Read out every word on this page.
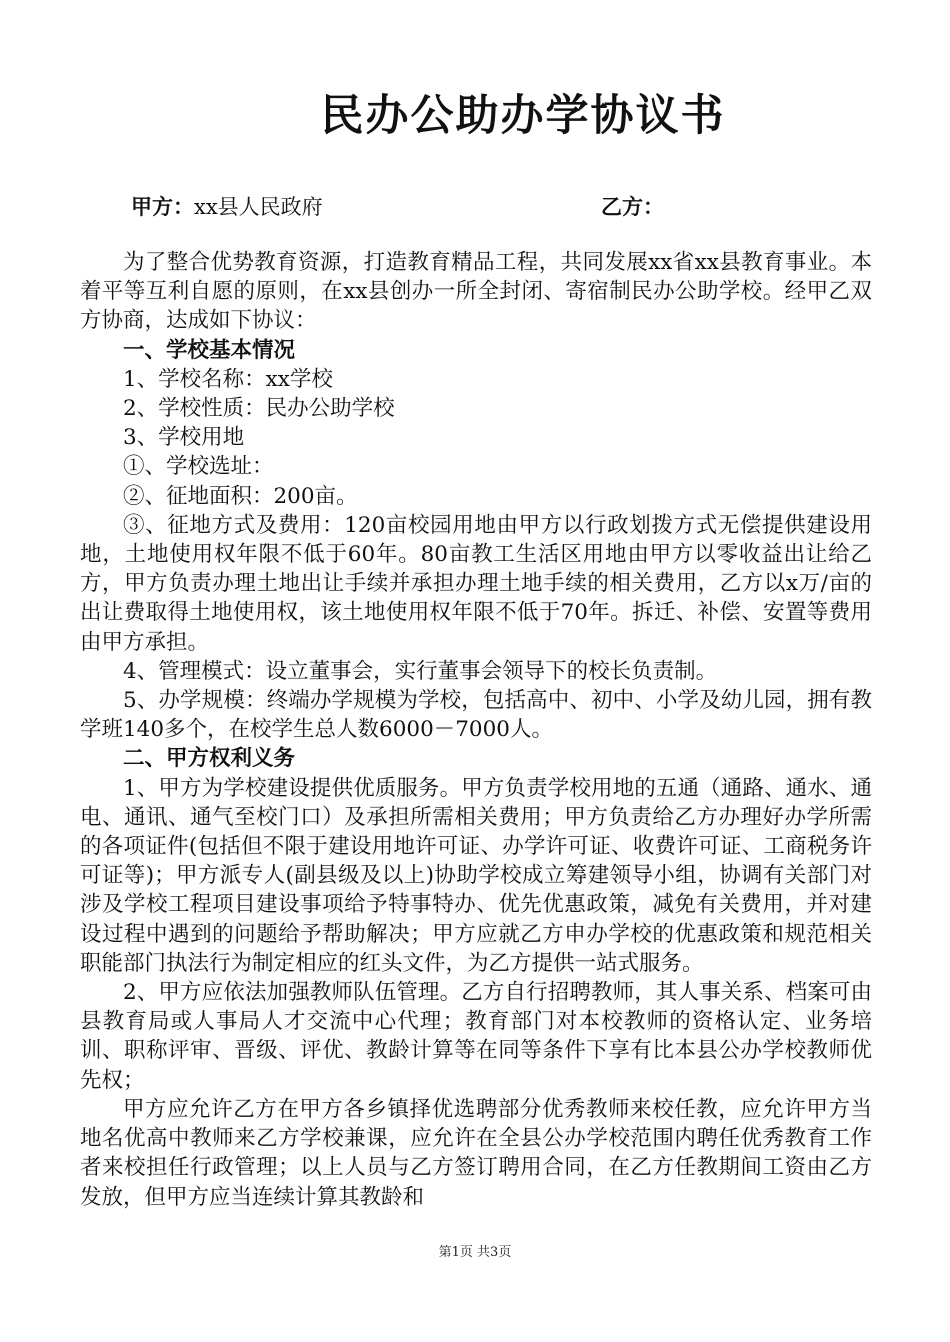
民办公助办学协议书
甲方：xx县人民政府	乙方：

为了整合优势教育资源，打造教育精品工程，共同发展xx省xx县教育事业。本着平等互利自愿的原则，在xx县创办一所全封闭、寄宿制民办公助学校。经甲乙双方协商，达成如下协议：

一、学校基本情况

1、学校名称：xx学校

2、学校性质：民办公助学校

3、学校用地

①、学校选址：

②、征地面积：200亩。

③、征地方式及费用：120亩校园用地由甲方以行政划拨方式无偿提供建设用地，土地使用权年限不低于60年。80亩教工生活区用地由甲方以零收益出让给乙方，甲方负责办理土地出让手续并承担办理土地手续的相关费用，乙方以x万/亩的出让费取得土地使用权，该土地使用权年限不低于70年。拆迁、补偿、安置等费用由甲方承担。

4、管理模式：设立董事会，实行董事会领导下的校长负责制。

5、办学规模：终端办学规模为学校，包括高中、初中、小学及幼儿园，拥有教学班140多个，在校学生总人数6000－7000人。

二、甲方权利义务

1、甲方为学校建设提供优质服务。甲方负责学校用地的五通（通路、通水、通电、通讯、通气至校门口）及承担所需相关费用；甲方负责给乙方办理好办学所需的各项证件(包括但不限于建设用地许可证、办学许可证、收费许可证、工商税务许可证等)；甲方派专人(副县级及以上)协助学校成立筹建领导小组，协调有关部门对涉及学校工程项目建设事项给予特事特办、优先优惠政策，减免有关费用，并对建设过程中遇到的问题给予帮助解决；甲方应就乙方申办学校的优惠政策和规范相关职能部门执法行为制定相应的红头文件，为乙方提供一站式服务。

2、甲方应依法加强教师队伍管理。乙方自行招聘教师，其人事关系、档案可由县教育局或人事局人才交流中心代理；教育部门对本校教师的资格认定、业务培训、职称评审、晋级、评优、教龄计算等在同等条件下享有比本县公办学校教师优先权；

甲方应允许乙方在甲方各乡镇择优选聘部分优秀教师来校任教，应允许甲方当地名优高中教师来乙方学校兼课，应允许在全县公办学校范围内聘任优秀教育工作者来校担任行政管理；以上人员与乙方签订聘用合同，在乙方任教期间工资由乙方发放，但甲方应当连续计算其教龄和

第1页 共3页
